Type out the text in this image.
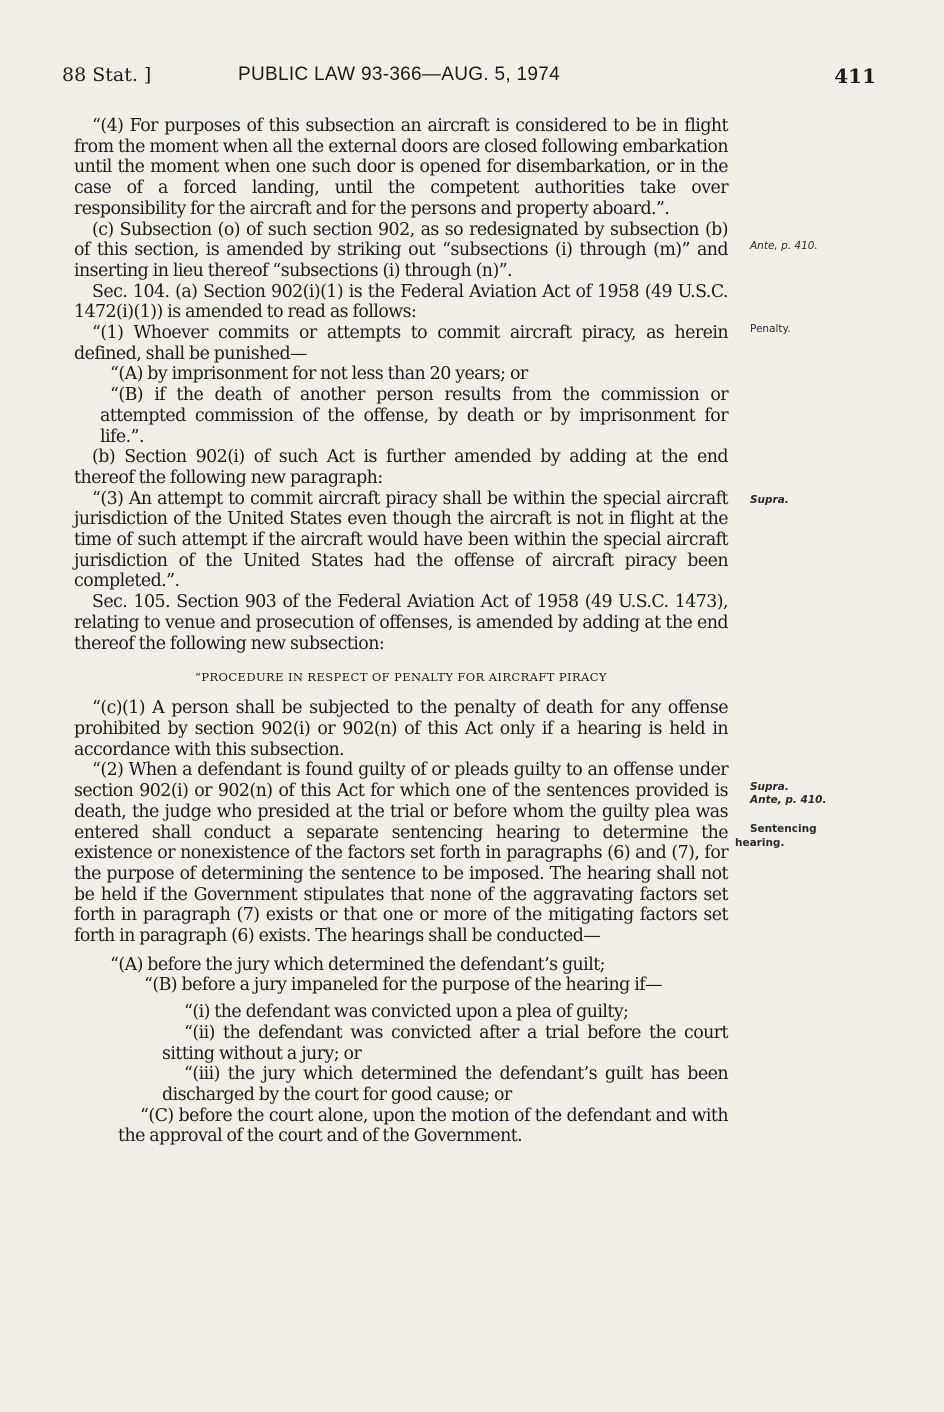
88 Stat. ]	PUBLIC LAW 93-366—AUG. 5, 1974	411

“(4) For purposes of this subsection an aircraft is considered to be in flight from the moment when all the external doors are closed following embarkation until the moment when one such door is opened for disembarkation, or in the case of a forced landing, until the competent authorities take over responsibility for the aircraft and for the persons and property aboard.”.

(c) Subsection (o) of such section 902, as so redesignated by subsection (b) of this section, is amended by striking out “subsections (i) through (m)” and inserting in lieu thereof “subsections (i) through (n)”.

Sec. 104. (a) Section 902(i)(1) is the Federal Aviation Act of 1958 (49 U.S.C. 1472(i)(1)) is amended to read as follows:

“(1) Whoever commits or attempts to commit aircraft piracy, as herein defined, shall be punished—

“(A) by imprisonment for not less than 20 years; or

“(B) if the death of another person results from the commission or attempted commission of the offense, by death or by imprisonment for life.”.

(b) Section 902(i) of such Act is further amended by adding at the end thereof the following new paragraph:

“(3) An attempt to commit aircraft piracy shall be within the special aircraft jurisdiction of the United States even though the aircraft is not in flight at the time of such attempt if the aircraft would have been within the special aircraft jurisdiction of the United States had the offense of aircraft piracy been completed.”.

Sec. 105. Section 903 of the Federal Aviation Act of 1958 (49 U.S.C. 1473), relating to venue and prosecution of offenses, is amended by adding at the end thereof the following new subsection:

“PROCEDURE IN RESPECT OF PENALTY FOR AIRCRAFT PIRACY

“(c)(1) A person shall be subjected to the penalty of death for any offense prohibited by section 902(i) or 902(n) of this Act only if a hearing is held in accordance with this subsection.

“(2) When a defendant is found guilty of or pleads guilty to an offense under section 902(i) or 902(n) of this Act for which one of the sentences provided is death, the judge who presided at the trial or before whom the guilty plea was entered shall conduct a separate sentencing hearing to determine the existence or nonexistence of the factors set forth in paragraphs (6) and (7), for the purpose of determining the sentence to be imposed. The hearing shall not be held if the Government stipulates that none of the aggravating factors set forth in paragraph (7) exists or that one or more of the mitigating factors set forth in paragraph (6) exists. The hearings shall be conducted—

“(A) before the jury which determined the defendant’s guilt;

“(B) before a jury impaneled for the purpose of the hearing if—

“(i) the defendant was convicted upon a plea of guilty;

“(ii) the defendant was convicted after a trial before the court sitting without a jury; or

“(iii) the jury which determined the defendant’s guilt has been discharged by the court for good cause; or

“(C) before the court alone, upon the motion of the defendant and with the approval of the court and of the Government.

Ante, p. 410.
Penalty.
Supra.
Supra.
Ante, p. 410.
Sentencing
hearing.
